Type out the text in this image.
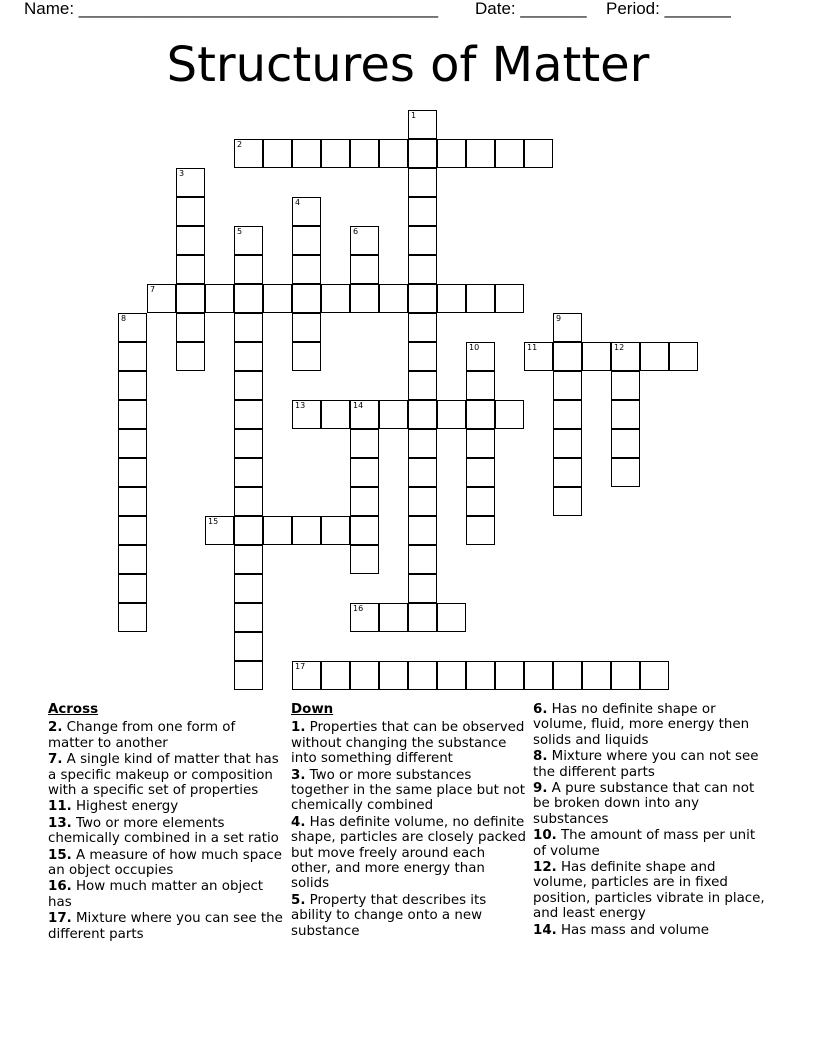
Name: ______________________________________ Date: _______ Period: _______
Structures of Matter
1
2
3
4
5	6
7
8	9
10	11	12
13	14
15
16
17
Across
2. Change from one form of matter to another
7. A single kind of matter that has a specific makeup or composition with a specific set of properties
11. Highest energy
13. Two or more elements chemically combined in a set ratio
15. A measure of how much space an object occupies
16. How much matter an object has
17. Mixture where you can see the different parts
Down
1. Properties that can be observed without changing the substance into something different
3. Two or more substances together in the same place but not chemically combined
4. Has definite volume, no definite shape, particles are closely packed but move freely around each other, and more energy than solids
5. Property that describes its ability to change onto a new substance
6. Has no definite shape or volume, fluid, more energy then solids and liquids
8. Mixture where you can not see the different parts
9. A pure substance that can not be broken down into any substances
10. The amount of mass per unit of volume
12. Has definite shape and volume, particles are in fixed position, particles vibrate in place, and least energy
14. Has mass and volume
